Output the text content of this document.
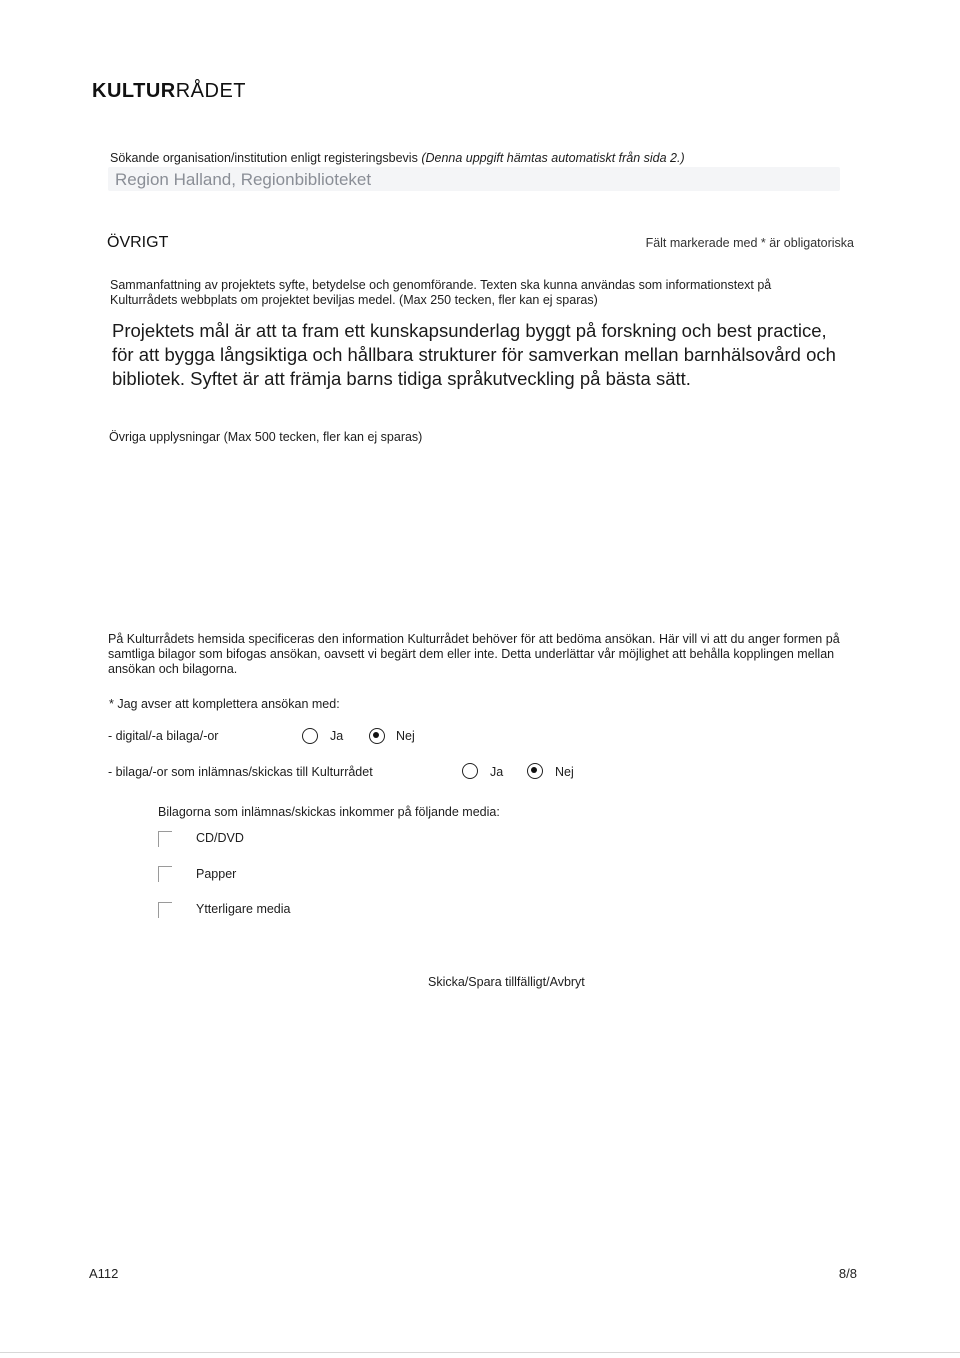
KULTURRÅDET
Sökande organisation/institution enligt registeringsbevis (Denna uppgift hämtas automatiskt från sida 2.)
Region Halland, Regionbiblioteket
ÖVRIGT	Fält markerade med * är obligatoriska
Sammanfattning av projektets syfte, betydelse och genomförande. Texten ska kunna användas som informationstext på Kulturrådets webbplats om projektet beviljas medel. (Max 250 tecken, fler kan ej sparas)
Projektets mål är att ta fram ett kunskapsunderlag byggt på forskning och best practice, för att bygga långsiktiga och hållbara strukturer för samverkan mellan barnhälsovård och bibliotek. Syftet är att främja barns tidiga språkutveckling på bästa sätt.
Övriga upplysningar (Max 500 tecken, fler kan ej sparas)
På Kulturrådets hemsida specificeras den information Kulturrådet behöver för att bedöma ansökan. Här vill vi att du anger formen på samtliga bilagor som bifogas ansökan, oavsett vi begärt dem eller inte. Detta underlättar vår möjlighet att behålla kopplingen mellan ansökan och bilagorna.
* Jag avser att komplettera ansökan med:
- digital/-a bilaga/-or	Ja	Nej
- bilaga/-or som inlämnas/skickas till Kulturrådet	Ja	Nej
Bilagorna som inlämnas/skickas inkommer på följande media:
CD/DVD
Papper
Ytterligare media
Skicka/Spara tillfälligt/Avbryt
A112	8/8
